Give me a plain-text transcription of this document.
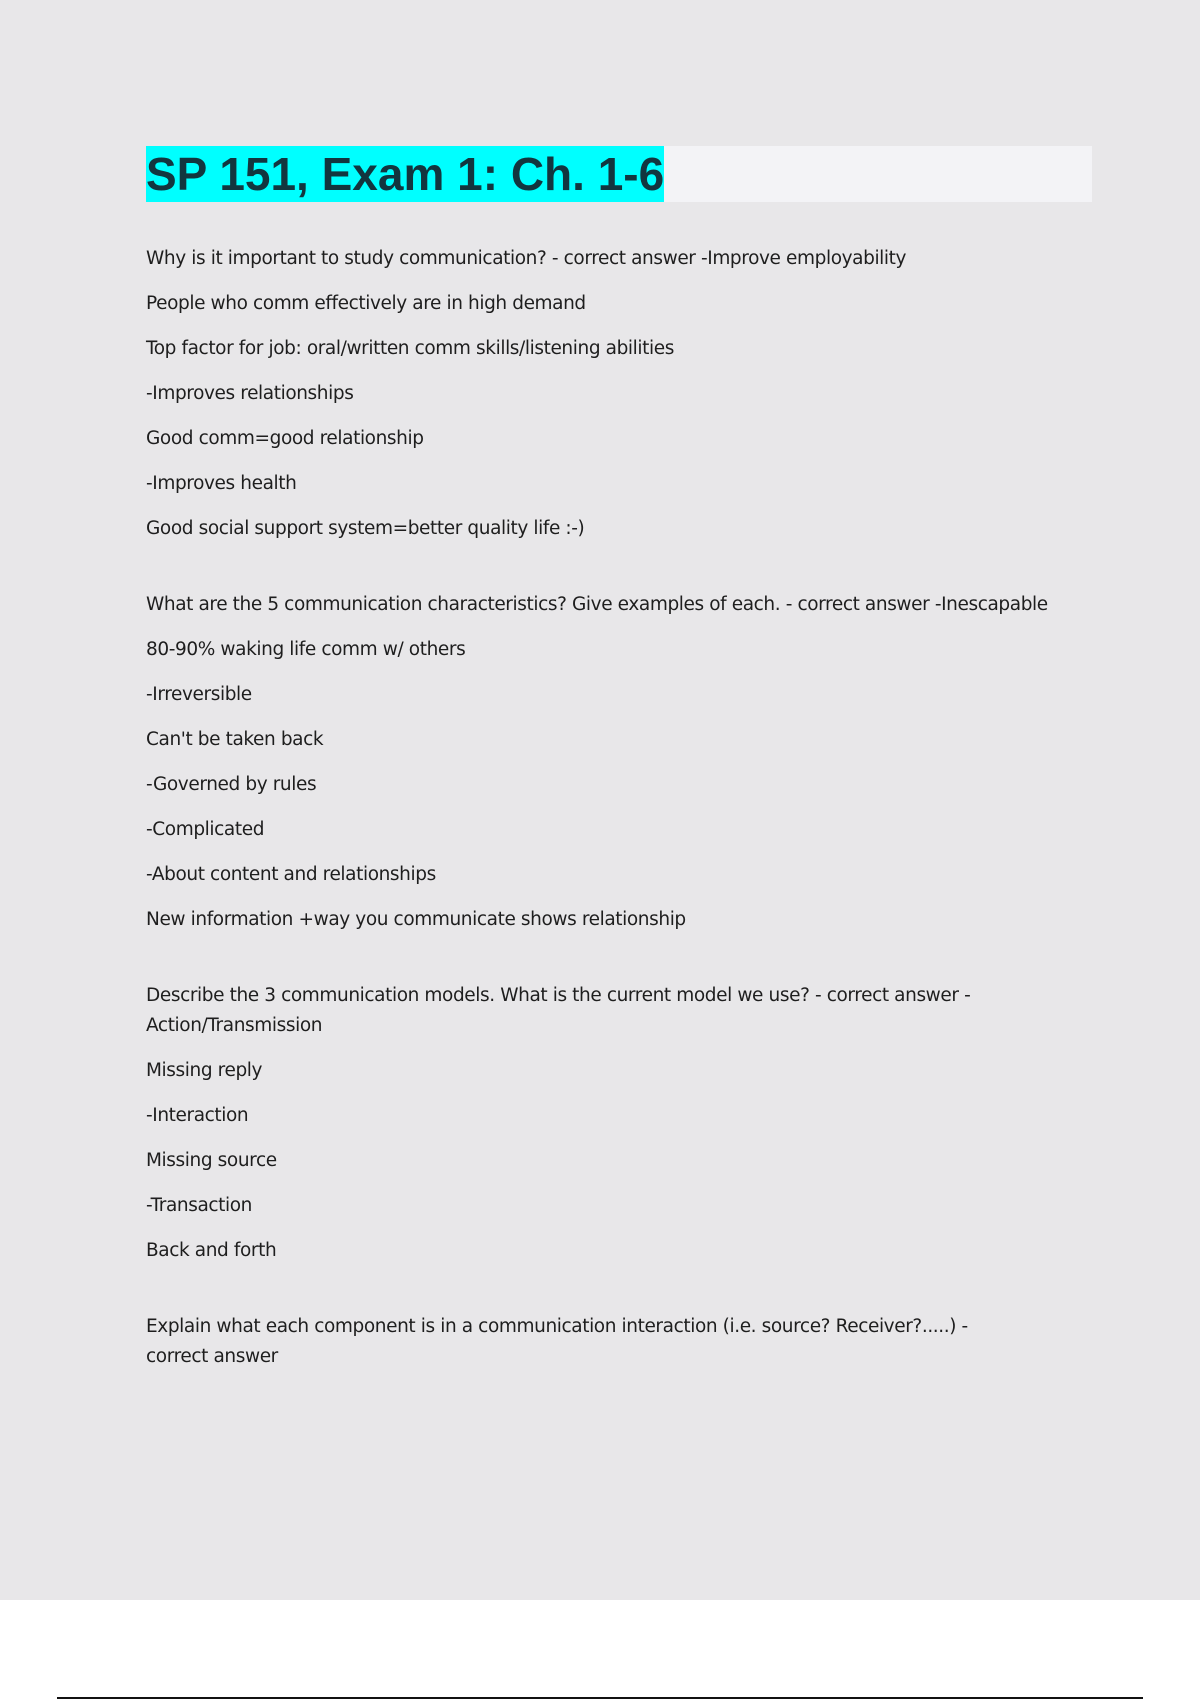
SP 151, Exam 1: Ch. 1-6

Why is it important to study communication? - correct answer -Improve employability

People who comm effectively are in high demand

Top factor for job: oral/written comm skills/listening abilities

-Improves relationships

Good comm=good relationship

-Improves health

Good social support system=better quality life :-)

What are the 5 communication characteristics? Give examples of each. - correct answer -Inescapable

80-90% waking life comm w/ others

-Irreversible

Can't be taken back

-Governed by rules

-Complicated

-About content and relationships

New information +way you communicate shows relationship

Describe the 3 communication models. What is the current model we use? - correct answer -Action/Transmission

Missing reply

-Interaction

Missing source

-Transaction

Back and forth

Explain what each component is in a communication interaction (i.e. source? Receiver?.....) - correct answer
